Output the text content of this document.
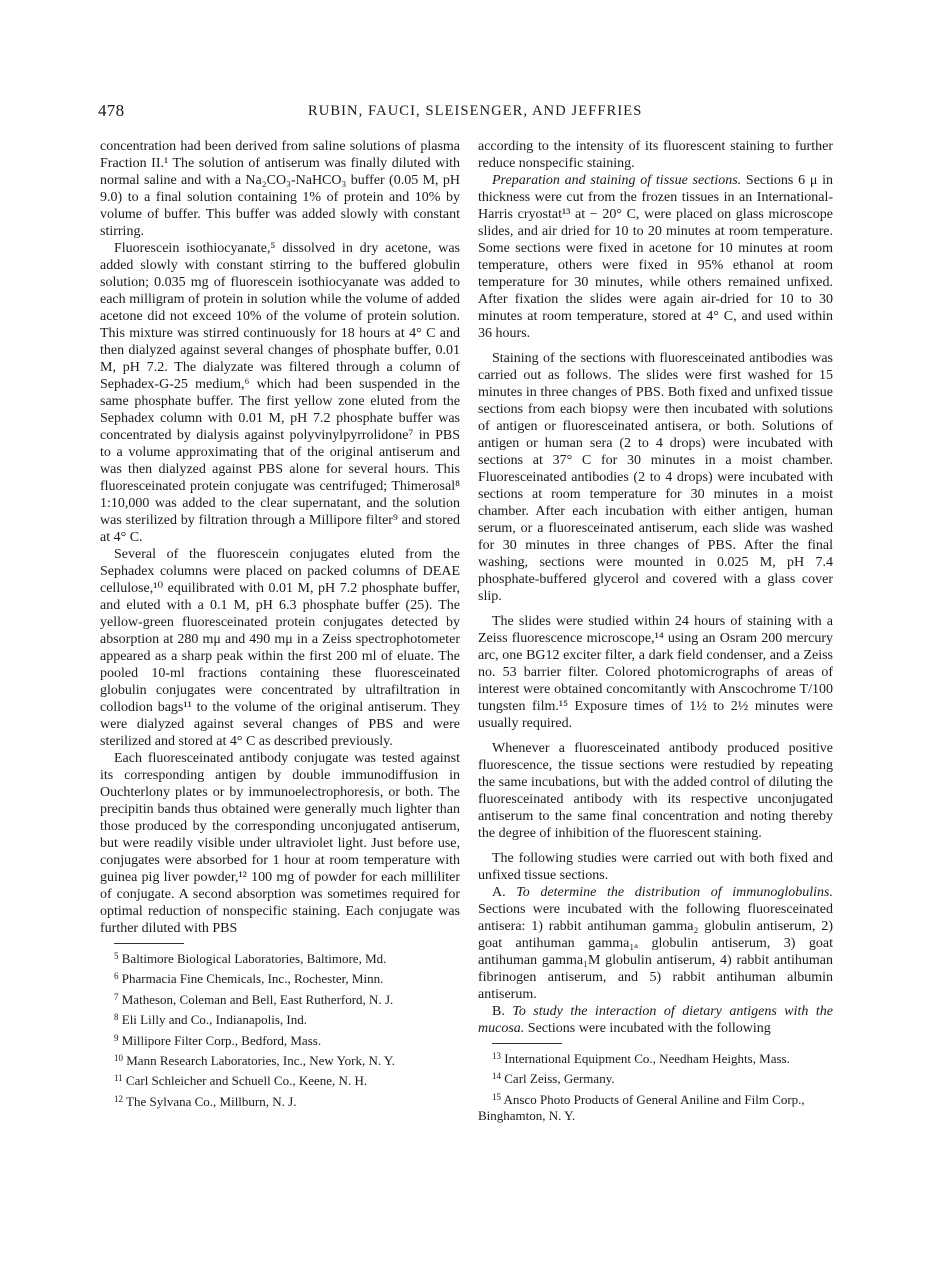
478	RUBIN, FAUCI, SLEISENGER, AND JEFFRIES

concentration had been derived from saline solutions of plasma Fraction II.¹ The solution of antiserum was finally diluted with normal saline and with a Na₂CO₃-NaHCO₃ buffer (0.05 M, pH 9.0) to a final solution containing 1% of protein and 10% by volume of buffer. This buffer was added slowly with constant stirring.

Fluorescein isothiocyanate,⁵ dissolved in dry acetone, was added slowly with constant stirring to the buffered globulin solution; 0.035 mg of fluorescein isothiocyanate was added to each milligram of protein in solution while the volume of added acetone did not exceed 10% of the volume of protein solution. This mixture was stirred continuously for 18 hours at 4° C and then dialyzed against several changes of phosphate buffer, 0.01 M, pH 7.2. The dialyzate was filtered through a column of Sephadex-G-25 medium,⁶ which had been suspended in the same phosphate buffer. The first yellow zone eluted from the Sephadex column with 0.01 M, pH 7.2 phosphate buffer was concentrated by dialysis against polyvinylpyrrolidone⁷ in PBS to a volume approximating that of the original antiserum and was then dialyzed against PBS alone for several hours. This fluoresceinated protein conjugate was centrifuged; Thimerosal⁸ 1:10,000 was added to the clear supernatant, and the solution was sterilized by filtration through a Millipore filter⁹ and stored at 4° C.

Several of the fluorescein conjugates eluted from the Sephadex columns were placed on packed columns of DEAE cellulose,¹⁰ equilibrated with 0.01 M, pH 7.2 phosphate buffer, and eluted with a 0.1 M, pH 6.3 phosphate buffer (25). The yellow-green fluoresceinated protein conjugates detected by absorption at 280 mμ and 490 mμ in a Zeiss spectrophotometer appeared as a sharp peak within the first 200 ml of eluate. The pooled 10-ml fractions containing these fluoresceinated globulin conjugates were concentrated by ultrafiltration in collodion bags¹¹ to the volume of the original antiserum. They were dialyzed against several changes of PBS and were sterilized and stored at 4° C as described previously.

Each fluoresceinated antibody conjugate was tested against its corresponding antigen by double immunodiffusion in Ouchterlony plates or by immunoelectrophoresis, or both. The precipitin bands thus obtained were generally much lighter than those produced by the corresponding unconjugated antiserum, but were readily visible under ultraviolet light. Just before use, conjugates were absorbed for 1 hour at room temperature with guinea pig liver powder,¹² 100 mg of powder for each milliliter of conjugate. A second absorption was sometimes required for optimal reduction of nonspecific staining. Each conjugate was further diluted with PBS

$^5$ Baltimore Biological Laboratories, Baltimore, Md.

$^6$ Pharmacia Fine Chemicals, Inc., Rochester, Minn.

$^7$ Matheson, Coleman and Bell, East Rutherford, N. J.

$^8$ Eli Lilly and Co., Indianapolis, Ind.

$^9$ Millipore Filter Corp., Bedford, Mass.

$^{10}$ Mann Research Laboratories, Inc., New York, N. Y.

$^{11}$ Carl Schleicher and Schuell Co., Keene, N. H.

$^{12}$ The Sylvana Co., Millburn, N. J.

according to the intensity of its fluorescent staining to further reduce nonspecific staining.

Preparation and staining of tissue sections. Sections 6 μ in thickness were cut from the frozen tissues in an International-Harris cryostat¹³ at − 20° C, were placed on glass microscope slides, and air dried for 10 to 20 minutes at room temperature. Some sections were fixed in acetone for 10 minutes at room temperature, others were fixed in 95% ethanol at room temperature for 30 minutes, while others remained unfixed. After fixation the slides were again air-dried for 10 to 30 minutes at room temperature, stored at 4° C, and used within 36 hours.

Staining of the sections with fluoresceinated antibodies was carried out as follows. The slides were first washed for 15 minutes in three changes of PBS. Both fixed and unfixed tissue sections from each biopsy were then incubated with solutions of antigen or fluoresceinated antisera, or both. Solutions of antigen or human sera (2 to 4 drops) were incubated with sections at 37° C for 30 minutes in a moist chamber. Fluoresceinated antibodies (2 to 4 drops) were incubated with sections at room temperature for 30 minutes in a moist chamber. After each incubation with either antigen, human serum, or a fluoresceinated antiserum, each slide was washed for 30 minutes in three changes of PBS. After the final washing, sections were mounted in 0.025 M, pH 7.4 phosphate-buffered glycerol and covered with a glass cover slip.

The slides were studied within 24 hours of staining with a Zeiss fluorescence microscope,¹⁴ using an Osram 200 mercury arc, one BG12 exciter filter, a dark field condenser, and a Zeiss no. 53 barrier filter. Colored photomicrographs of areas of interest were obtained concomitantly with Anscochrome T/100 tungsten film.¹⁵ Exposure times of 1½ to 2½ minutes were usually required.

Whenever a fluoresceinated antibody produced positive fluorescence, the tissue sections were restudied by repeating the same incubations, but with the added control of diluting the fluoresceinated antibody with its respective unconjugated antiserum to the same final concentration and noting thereby the degree of inhibition of the fluorescent staining.

The following studies were carried out with both fixed and unfixed tissue sections.

A. To determine the distribution of immunoglobulins. Sections were incubated with the following fluoresceinated antisera: 1) rabbit antihuman gamma₂ globulin antiserum, 2) goat antihuman gamma₁ₐ globulin antiserum, 3) goat antihuman gamma₁M globulin antiserum, 4) rabbit antihuman fibrinogen antiserum, and 5) rabbit antihuman albumin antiserum.

B. To study the interaction of dietary antigens with the mucosa. Sections were incubated with the following

$^{13}$ International Equipment Co., Needham Heights, Mass.

$^{14}$ Carl Zeiss, Germany.

$^{15}$ Ansco Photo Products of General Aniline and Film Corp., Binghamton, N. Y.
